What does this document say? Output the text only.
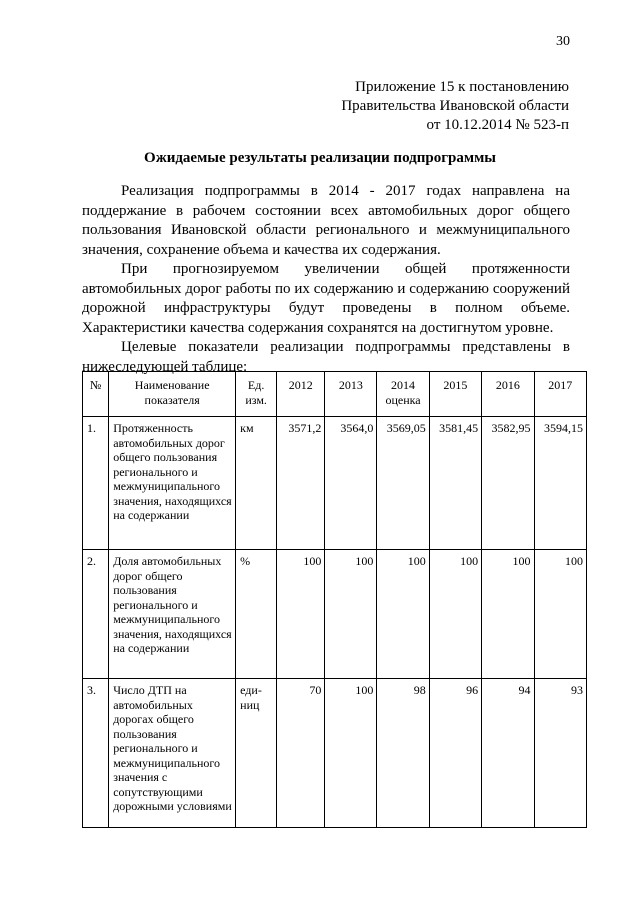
30
Приложение 15 к постановлению
Правительства Ивановской области
от 10.12.2014 № 523-п
Ожидаемые результаты реализации подпрограммы

Реализация подпрограммы в 2014 - 2017 годах направлена на поддержание в рабочем состоянии всех автомобильных дорог общего пользования Ивановской области регионального и межмуниципального значения, сохранение объема и качества их содержания.

При прогнозируемом увеличении общей протяженности автомобильных дорог работы по их содержанию и содержанию сооружений дорожной инфраструктуры будут проведены в полном объеме. Характеристики качества содержания сохранятся на достигнутом уровне.

Целевые показатели реализации подпрограммы представлены в нижеследующей таблице:

№	Наименование показателя	Ед. изм.	2012	2013	2014 оценка	2015	2016	2017
1.	Протяженность автомобильных дорог общего пользования регионального и межмуниципального значения, находящихся на содержании	км	3571,2	3564,0	3569,05	3581,45	3582,95	3594,15
2.	Доля автомобильных дорог общего пользования регионального и межмуниципального значения, находящихся на содержании	%	100	100	100	100	100	100
3.	Число ДТП на автомобильных дорогах общего пользования регионального и межмуниципального значения с сопутствующими дорожными условиями	еди-ниц	70	100	98	96	94	93
